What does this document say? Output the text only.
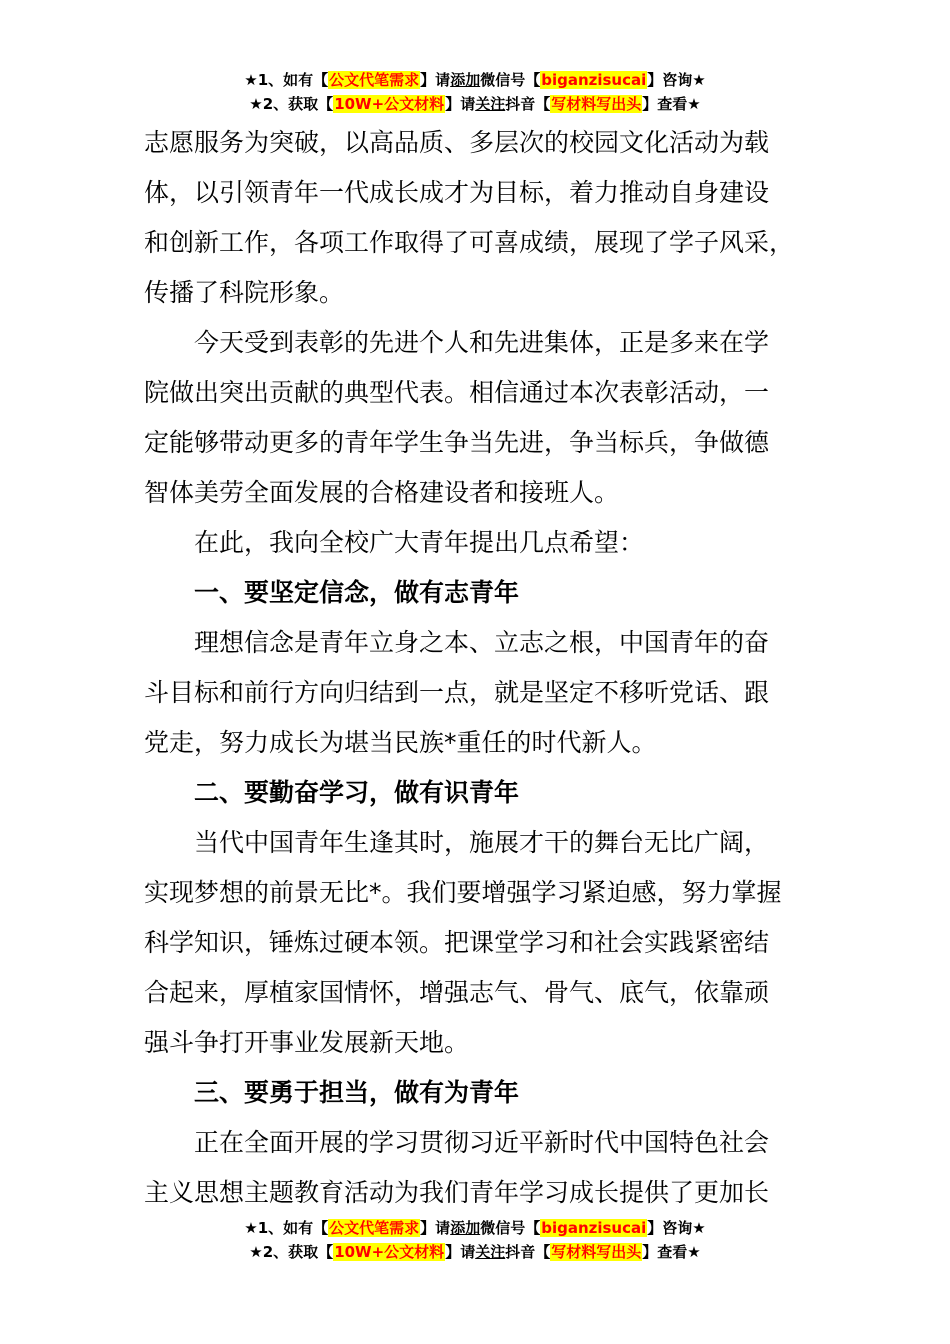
★1、如有【公文代笔需求】请添加微信号【biganzisucai】咨询★
★2、获取【10W+公文材料】请关注抖音【写材料写出头】查看★
志愿服务为突破，以高品质、多层次的校园文化活动为载
体，以引领青年一代成长成才为目标，着力推动自身建设
和创新工作，各项工作取得了可喜成绩，展现了学子风采，
传播了科院形象。
今天受到表彰的先进个人和先进集体，正是多来在学
院做出突出贡献的典型代表。相信通过本次表彰活动，一
定能够带动更多的青年学生争当先进，争当标兵，争做德
智体美劳全面发展的合格建设者和接班人。
在此，我向全校广大青年提出几点希望：
一、要坚定信念，做有志青年
理想信念是青年立身之本、立志之根，中国青年的奋
斗目标和前行方向归结到一点，就是坚定不移听党话、跟
党走，努力成长为堪当民族*重任的时代新人。
二、要勤奋学习，做有识青年
当代中国青年生逢其时，施展才干的舞台无比广阔，
实现梦想的前景无比*。我们要增强学习紧迫感，努力掌握
科学知识，锤炼过硬本领。把课堂学习和社会实践紧密结
合起来，厚植家国情怀，增强志气、骨气、底气，依靠顽
强斗争打开事业发展新天地。
三、要勇于担当，做有为青年
正在全面开展的学习贯彻习近平新时代中国特色社会
主义思想主题教育活动为我们青年学习成长提供了更加长
★1、如有【公文代笔需求】请添加微信号【biganzisucai】咨询★
★2、获取【10W+公文材料】请关注抖音【写材料写出头】查看★
